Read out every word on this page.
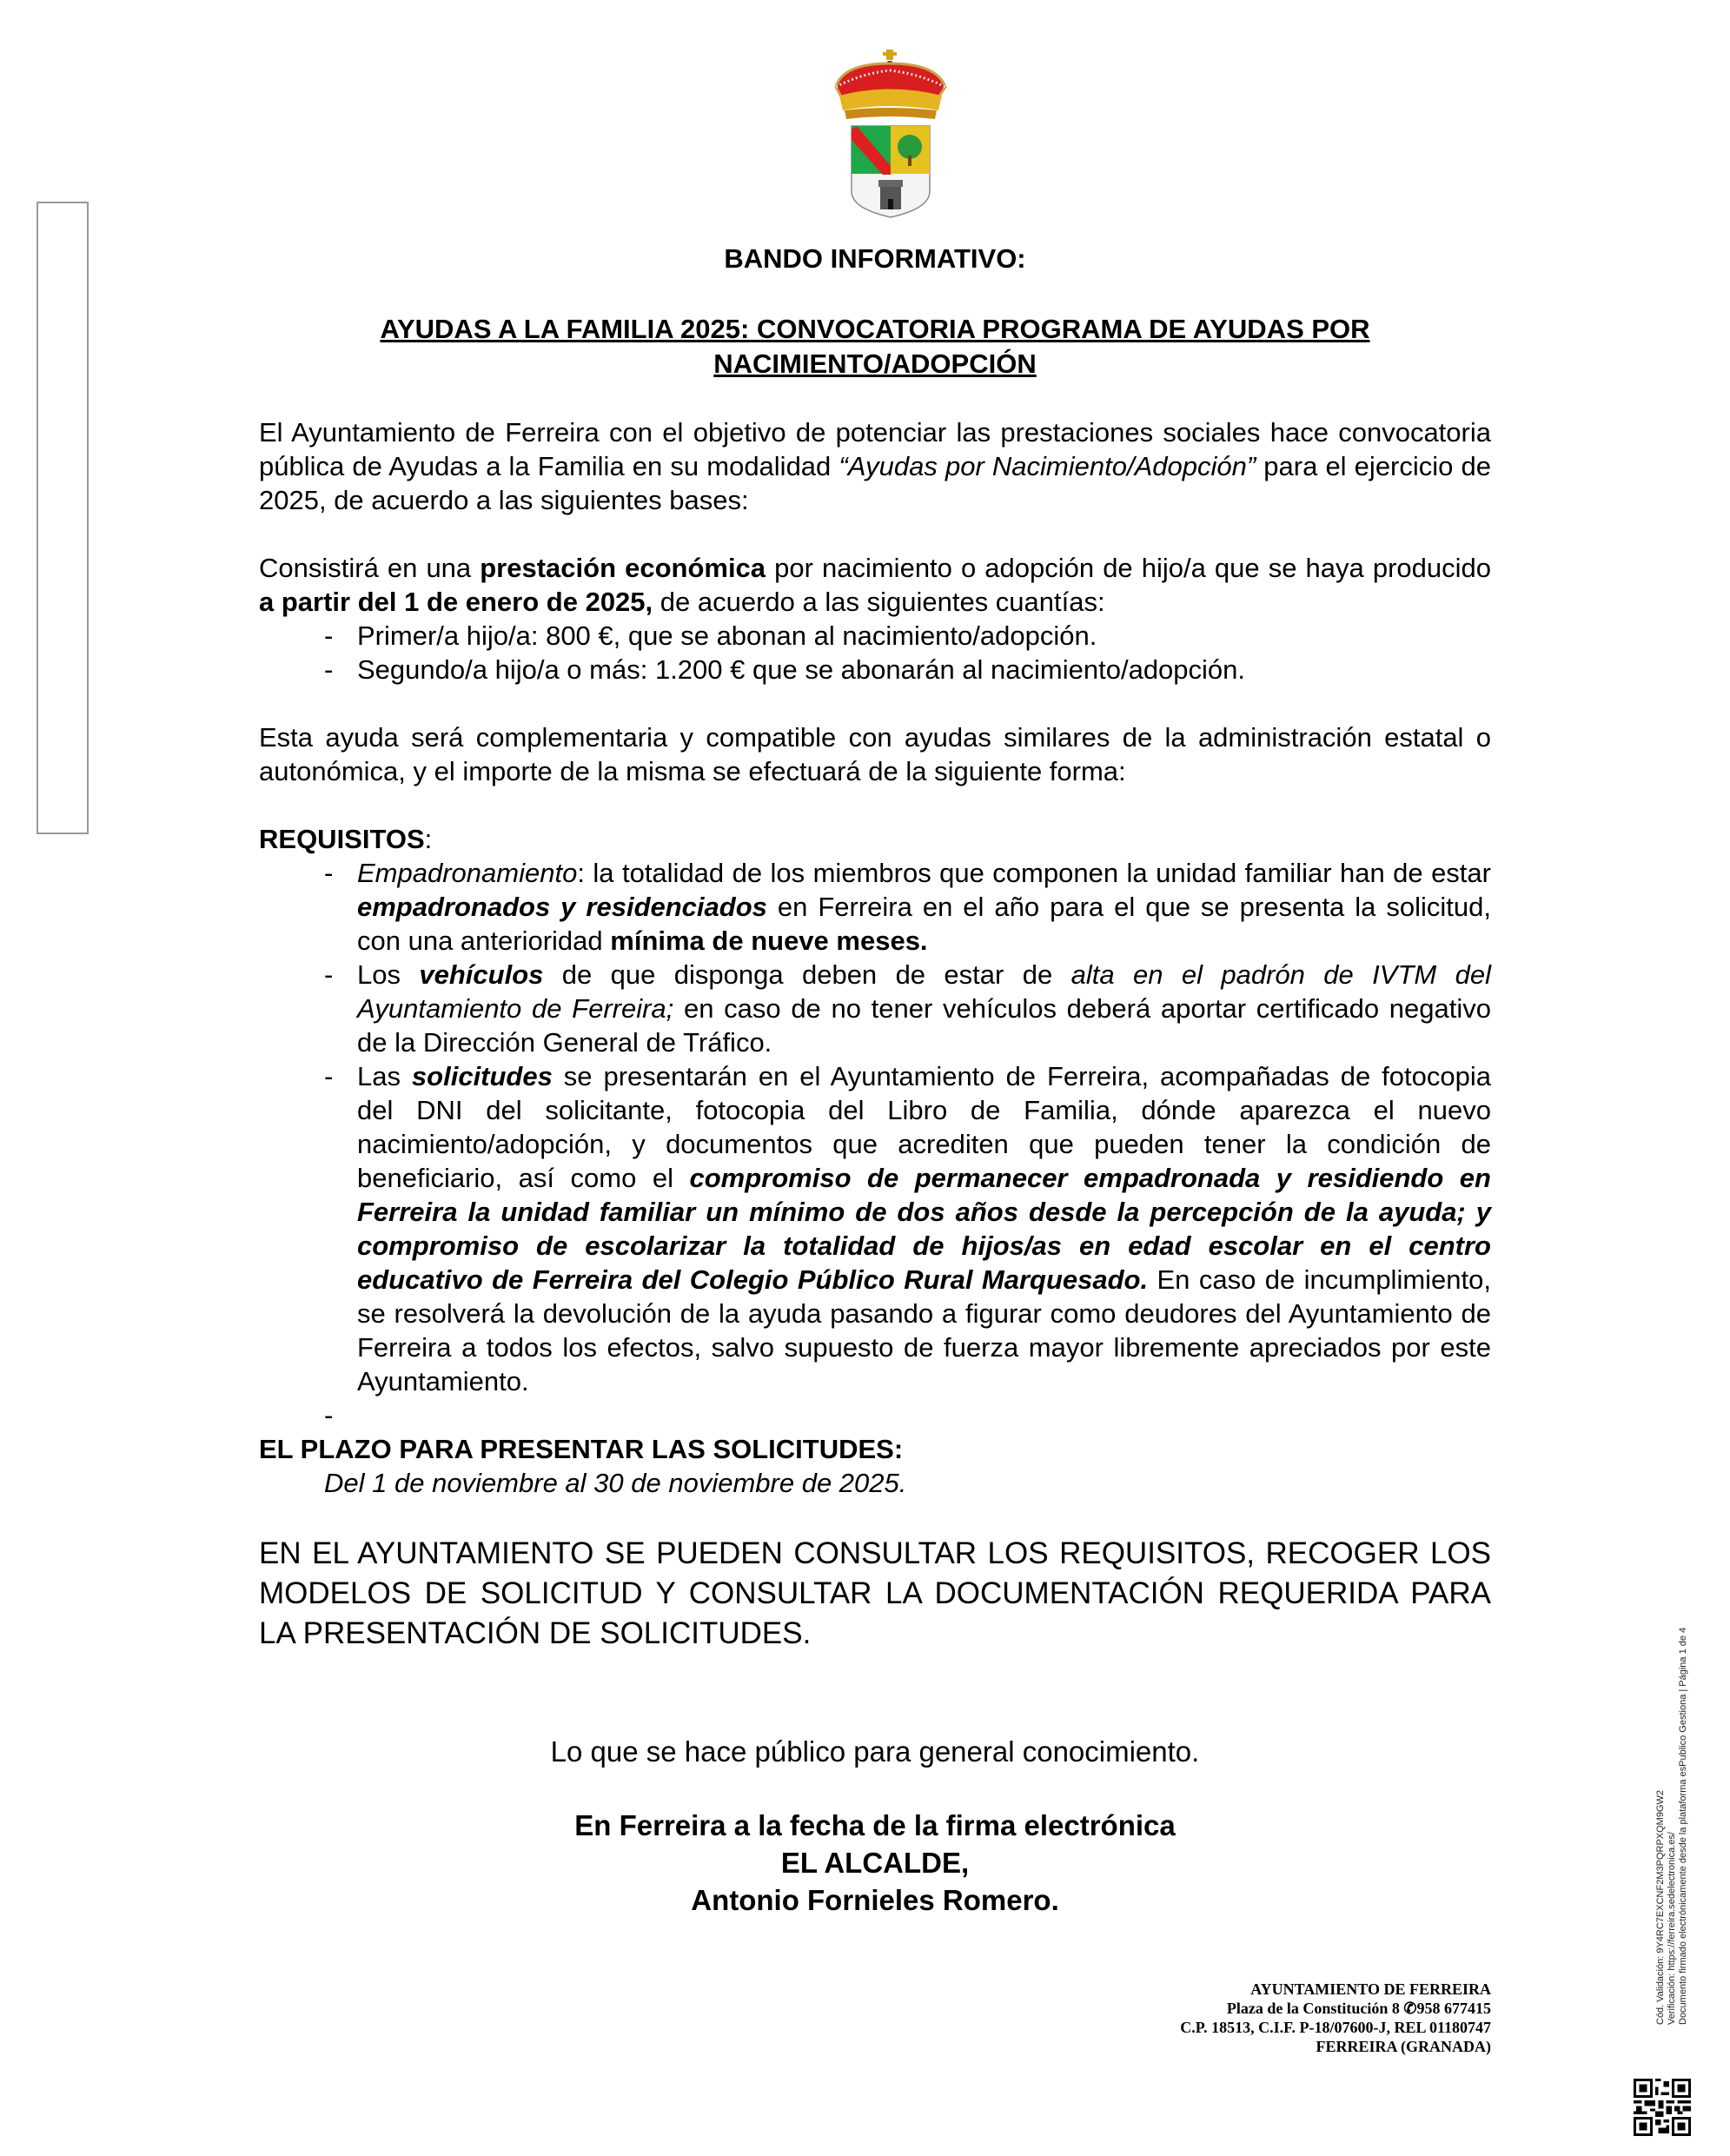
BANDO INFORMATIVO:
AYUDAS A LA FAMILIA 2025: CONVOCATORIA PROGRAMA DE AYUDAS POR NACIMIENTO/ADOPCIÓN

El Ayuntamiento de Ferreira con el objetivo de potenciar las prestaciones sociales hace convocatoria pública de Ayudas a la Familia en su modalidad “Ayudas por Nacimiento/Adopción” para el ejercicio de 2025, de acuerdo a las siguientes bases:

Consistirá en una prestación económica por nacimiento o adopción de hijo/a que se haya producido a partir del 1 de enero de 2025, de acuerdo a las siguientes cuantías:

- Primer/a hijo/a: 800 €, que se abonan al nacimiento/adopción.
- Segundo/a hijo/a o más: 1.200 € que se abonarán al nacimiento/adopción.

Esta ayuda será complementaria y compatible con ayudas similares de la administración estatal o autonómica, y el importe de la misma se efectuará de la siguiente forma:

REQUISITOS:

- Empadronamiento: la totalidad de los miembros que componen la unidad familiar han de estar empadronados y residenciados en Ferreira en el año para el que se presenta la solicitud, con una anterioridad mínima de nueve meses.
- Los vehículos de que disponga deben de estar de alta en el padrón de IVTM del Ayuntamiento de Ferreira; en caso de no tener vehículos deberá aportar certificado negativo de la Dirección General de Tráfico.
- Las solicitudes se presentarán en el Ayuntamiento de Ferreira, acompañadas de fotocopia del DNI del solicitante, fotocopia del Libro de Familia, dónde aparezca el nuevo nacimiento/adopción, y documentos que acrediten que pueden tener la condición de beneficiario, así como el compromiso de permanecer empadronada y residiendo en Ferreira la unidad familiar un mínimo de dos años desde la percepción de la ayuda; y compromiso de escolarizar la totalidad de hijos/as en edad escolar en el centro educativo de Ferreira del Colegio Público Rural Marquesado. En caso de incumplimiento, se resolverá la devolución de la ayuda pasando a figurar como deudores del Ayuntamiento de Ferreira a todos los efectos, salvo supuesto de fuerza mayor libremente apreciados por este Ayuntamiento.
-

EL PLAZO PARA PRESENTAR LAS SOLICITUDES:

Del 1 de noviembre al 30 de noviembre de 2025.

EN EL AYUNTAMIENTO SE PUEDEN CONSULTAR LOS REQUISITOS, RECOGER LOS MODELOS DE SOLICITUD Y CONSULTAR LA DOCUMENTACIÓN REQUERIDA PARA LA PRESENTACIÓN DE SOLICITUDES.

Lo que se hace público para general conocimiento.

En Ferreira a la fecha de la firma electrónica

EL ALCALDE,

Antonio Fornieles Romero.

AYUNTAMIENTO DE FERREIRA
Plaza de la Constitución 8 ✆958 677415
C.P. 18513, C.I.F. P-18/07600-J, REL 01180747
FERREIRA (GRANADA)
Cód. Validación: 9Y4RC7EXCNF2M3PQRPXQM9GW2 Verificación: https://ferreira.sedelectronica.es/ Documento firmado electrónicamente desde la plataforma esPublico Gestiona | Página 1 de 4
